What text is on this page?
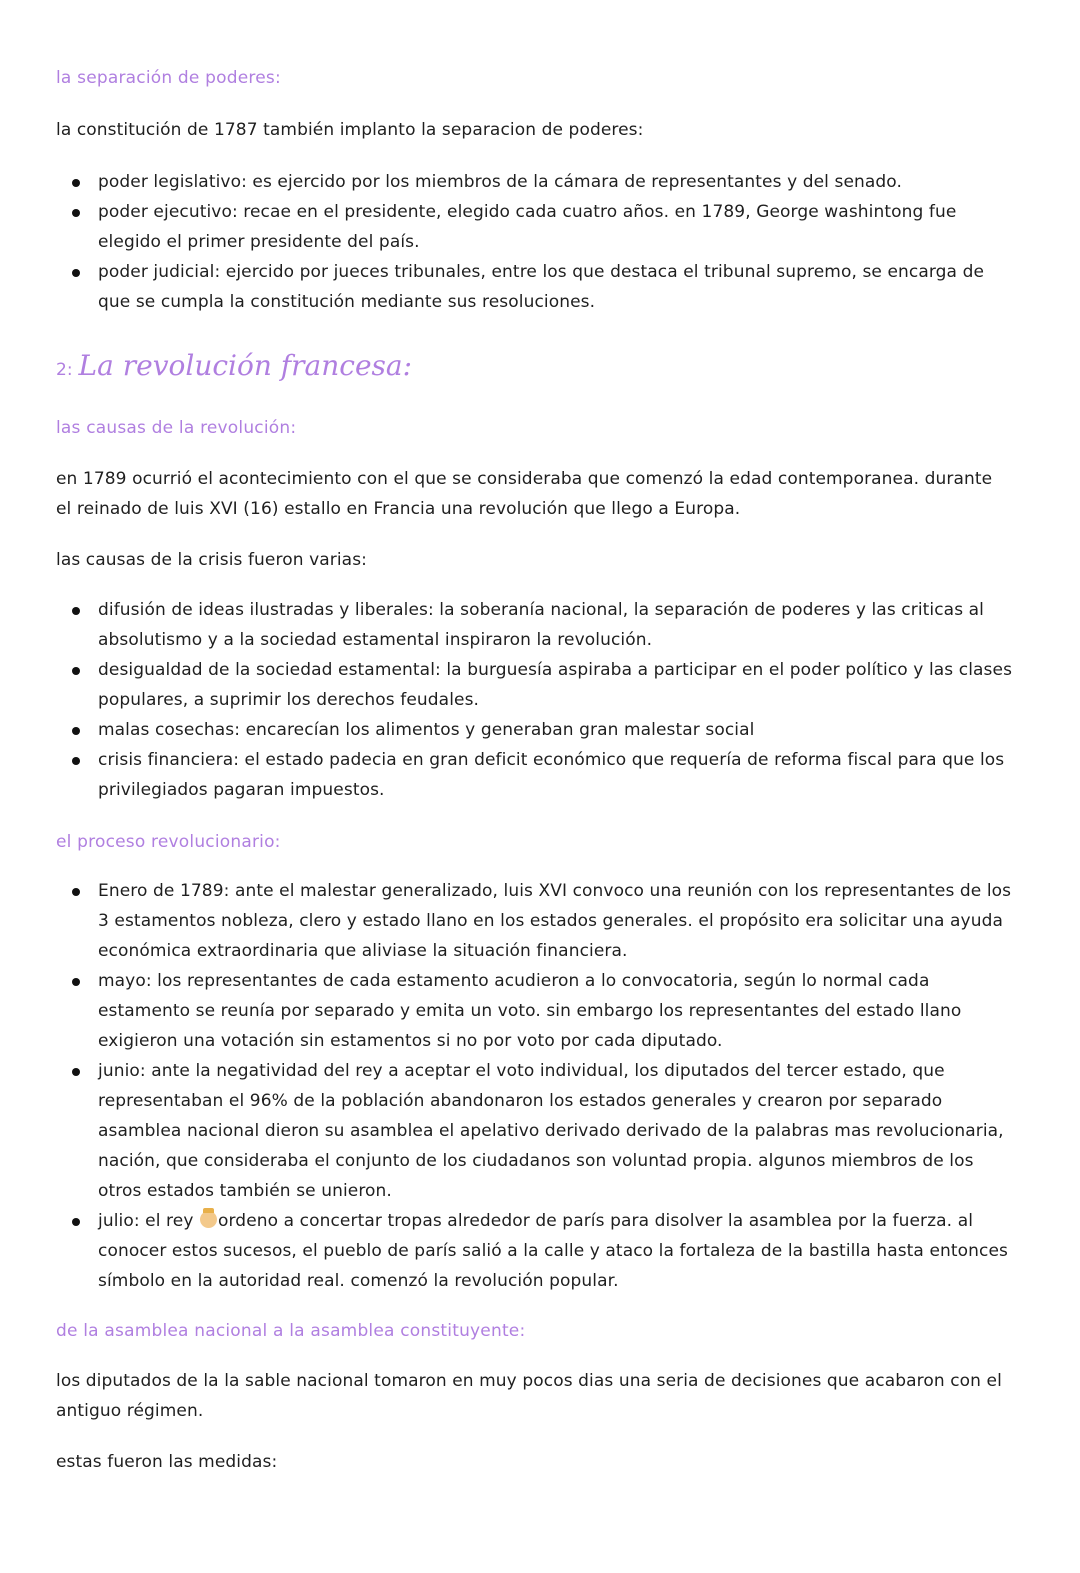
la separación de poderes:

la constitución de 1787 también implanto la separacion de poderes:

poder legislativo: es ejercido por los miembros de la cámara de representantes y del senado.
poder ejecutivo: recae en el presidente, elegido cada cuatro años. en 1789, George washintong fue elegido el primer presidente del país.
poder judicial: ejercido por jueces tribunales, entre los que destaca el tribunal supremo, se encarga de que se cumpla la constitución mediante sus resoluciones.

2: La revolución francesa:

las causas de la revolución:

en 1789 ocurrió el acontecimiento con el que se consideraba que comenzó la edad contemporanea. durante el reinado de luis XVI (16) estallo en Francia una revolución que llego a Europa.

las causas de la crisis fueron varias:

difusión de ideas ilustradas y liberales: la soberanía nacional, la separación de poderes y las criticas al absolutismo y a la sociedad estamental inspiraron la revolución.
desigualdad de la sociedad estamental: la burguesía aspiraba a participar en el poder político y las clases populares, a suprimir los derechos feudales.
malas cosechas: encarecían los alimentos y generaban gran malestar social
crisis financiera: el estado padecia en gran deficit económico que requería de reforma fiscal para que los privilegiados pagaran impuestos.

el proceso revolucionario:

Enero de 1789: ante el malestar generalizado, luis XVI convoco una reunión con los representantes de los 3 estamentos nobleza, clero y estado llano en los estados generales. el propósito era solicitar una ayuda económica extraordinaria que aliviase la situación financiera.
mayo: los representantes de cada estamento acudieron a lo convocatoria, según lo normal cada estamento se reunía por separado y emita un voto. sin embargo los representantes del estado llano exigieron una votación sin estamentos si no por voto por cada diputado.
junio: ante la negatividad del rey a aceptar el voto individual, los diputados del tercer estado, que representaban el 96% de la población abandonaron los estados generales y crearon por separado asamblea nacional dieron su asamblea el apelativo derivado derivado de la palabras mas revolucionaria, nación, que consideraba el conjunto de los ciudadanos son voluntad propia. algunos miembros de los otros estados también se unieron.
julio: el rey ordeno a concertar tropas alrededor de parís para disolver la asamblea por la fuerza. al conocer estos sucesos, el pueblo de parís salió a la calle y ataco la fortaleza de la bastilla hasta entonces símbolo en la autoridad real. comenzó la revolución popular.

de la asamblea nacional a la asamblea constituyente:

los diputados de la la sable nacional tomaron en muy pocos dias una seria de decisiones que acabaron con el antiguo régimen.

estas fueron las medidas:
